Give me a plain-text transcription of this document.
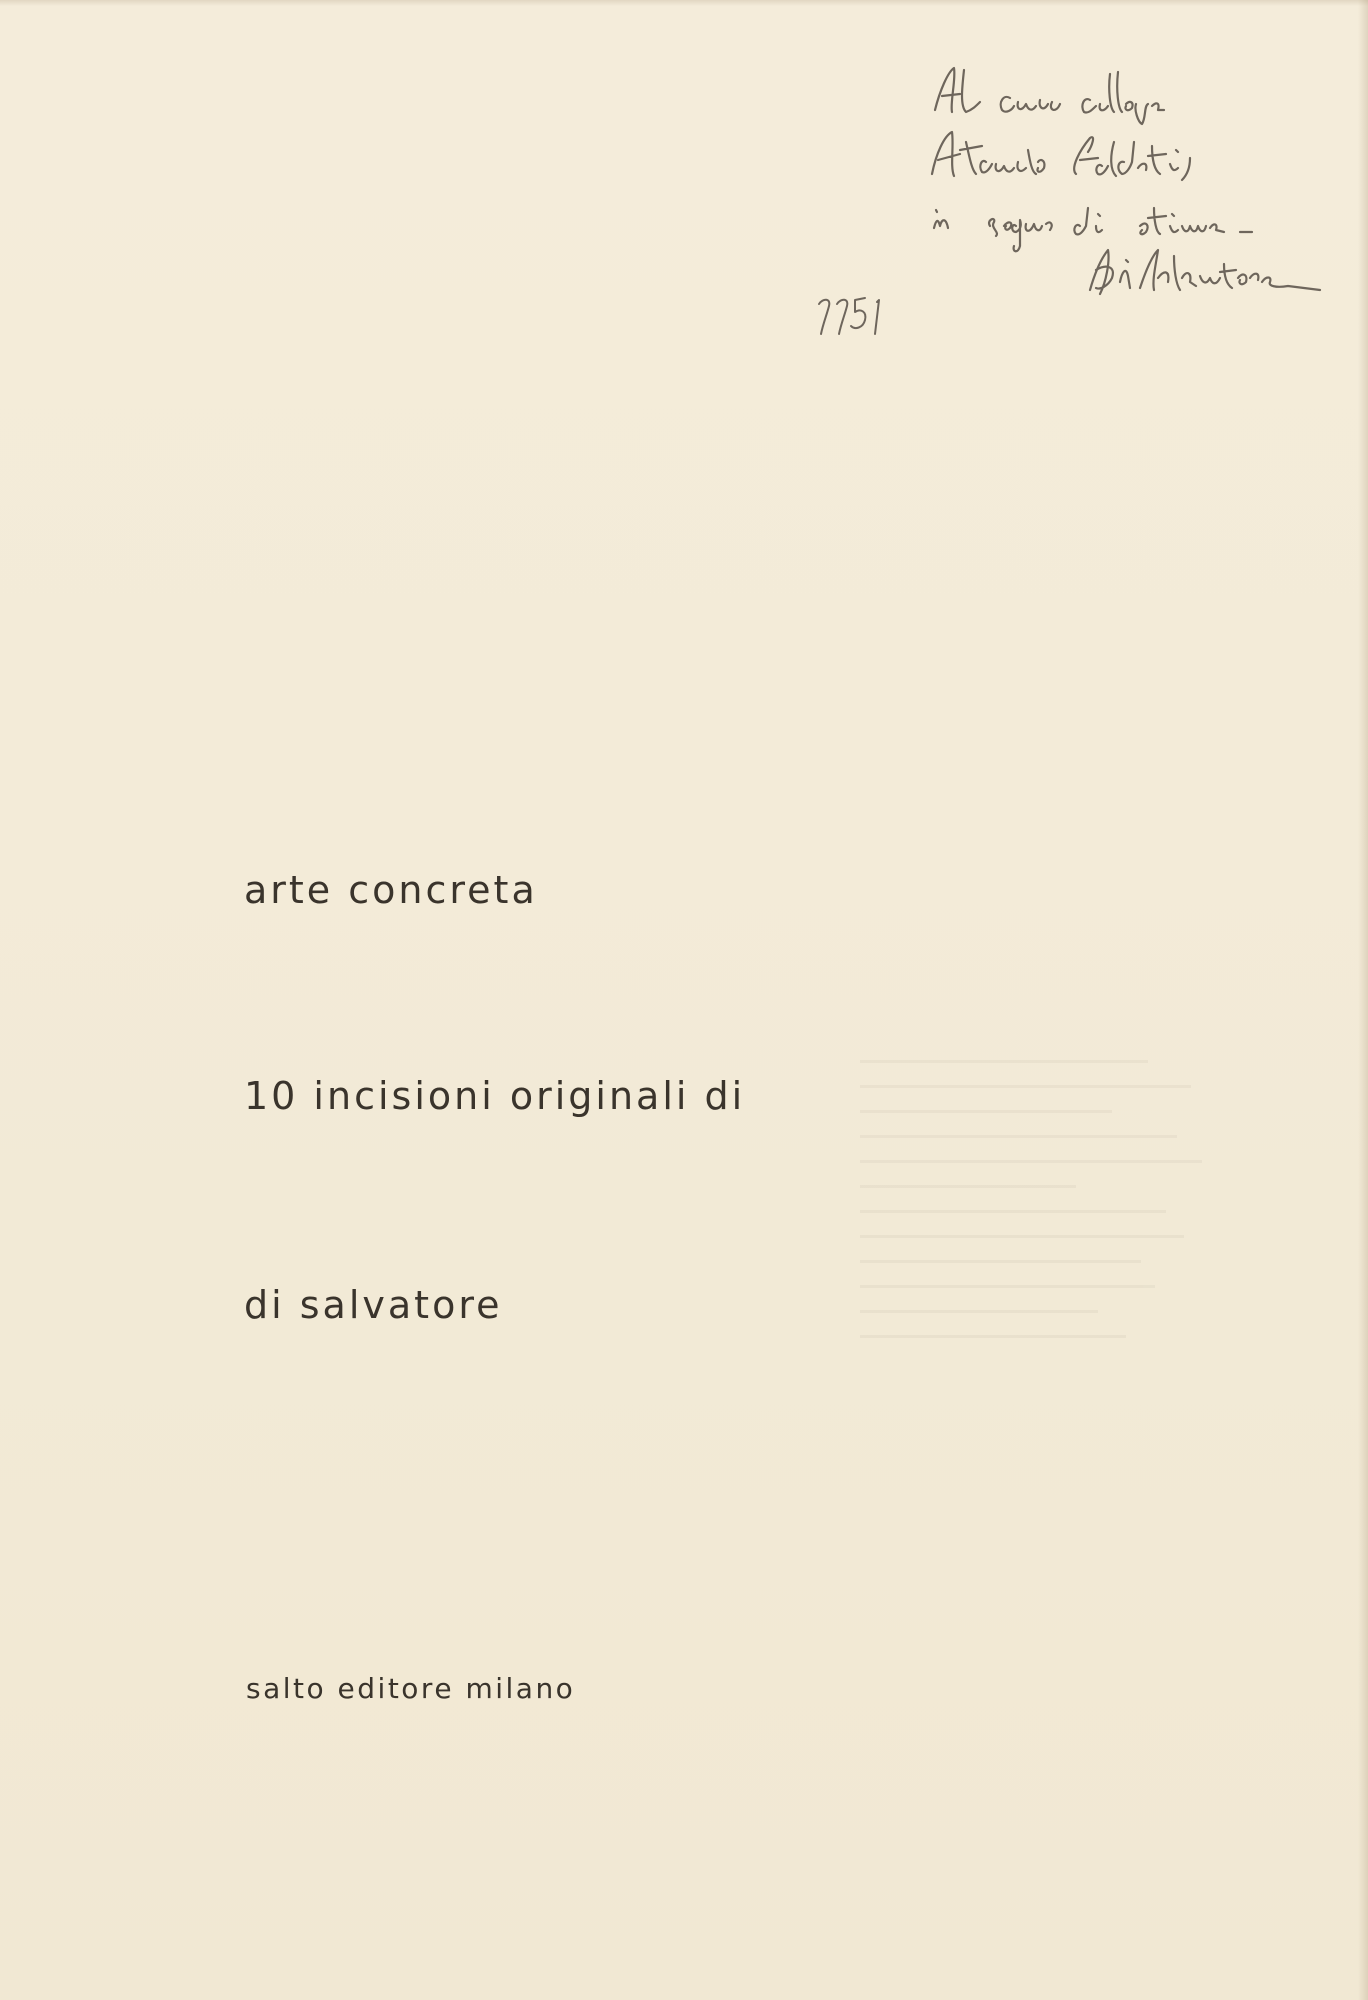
arte concreta
10 incisioni originali di
di salvatore
salto editore milano
